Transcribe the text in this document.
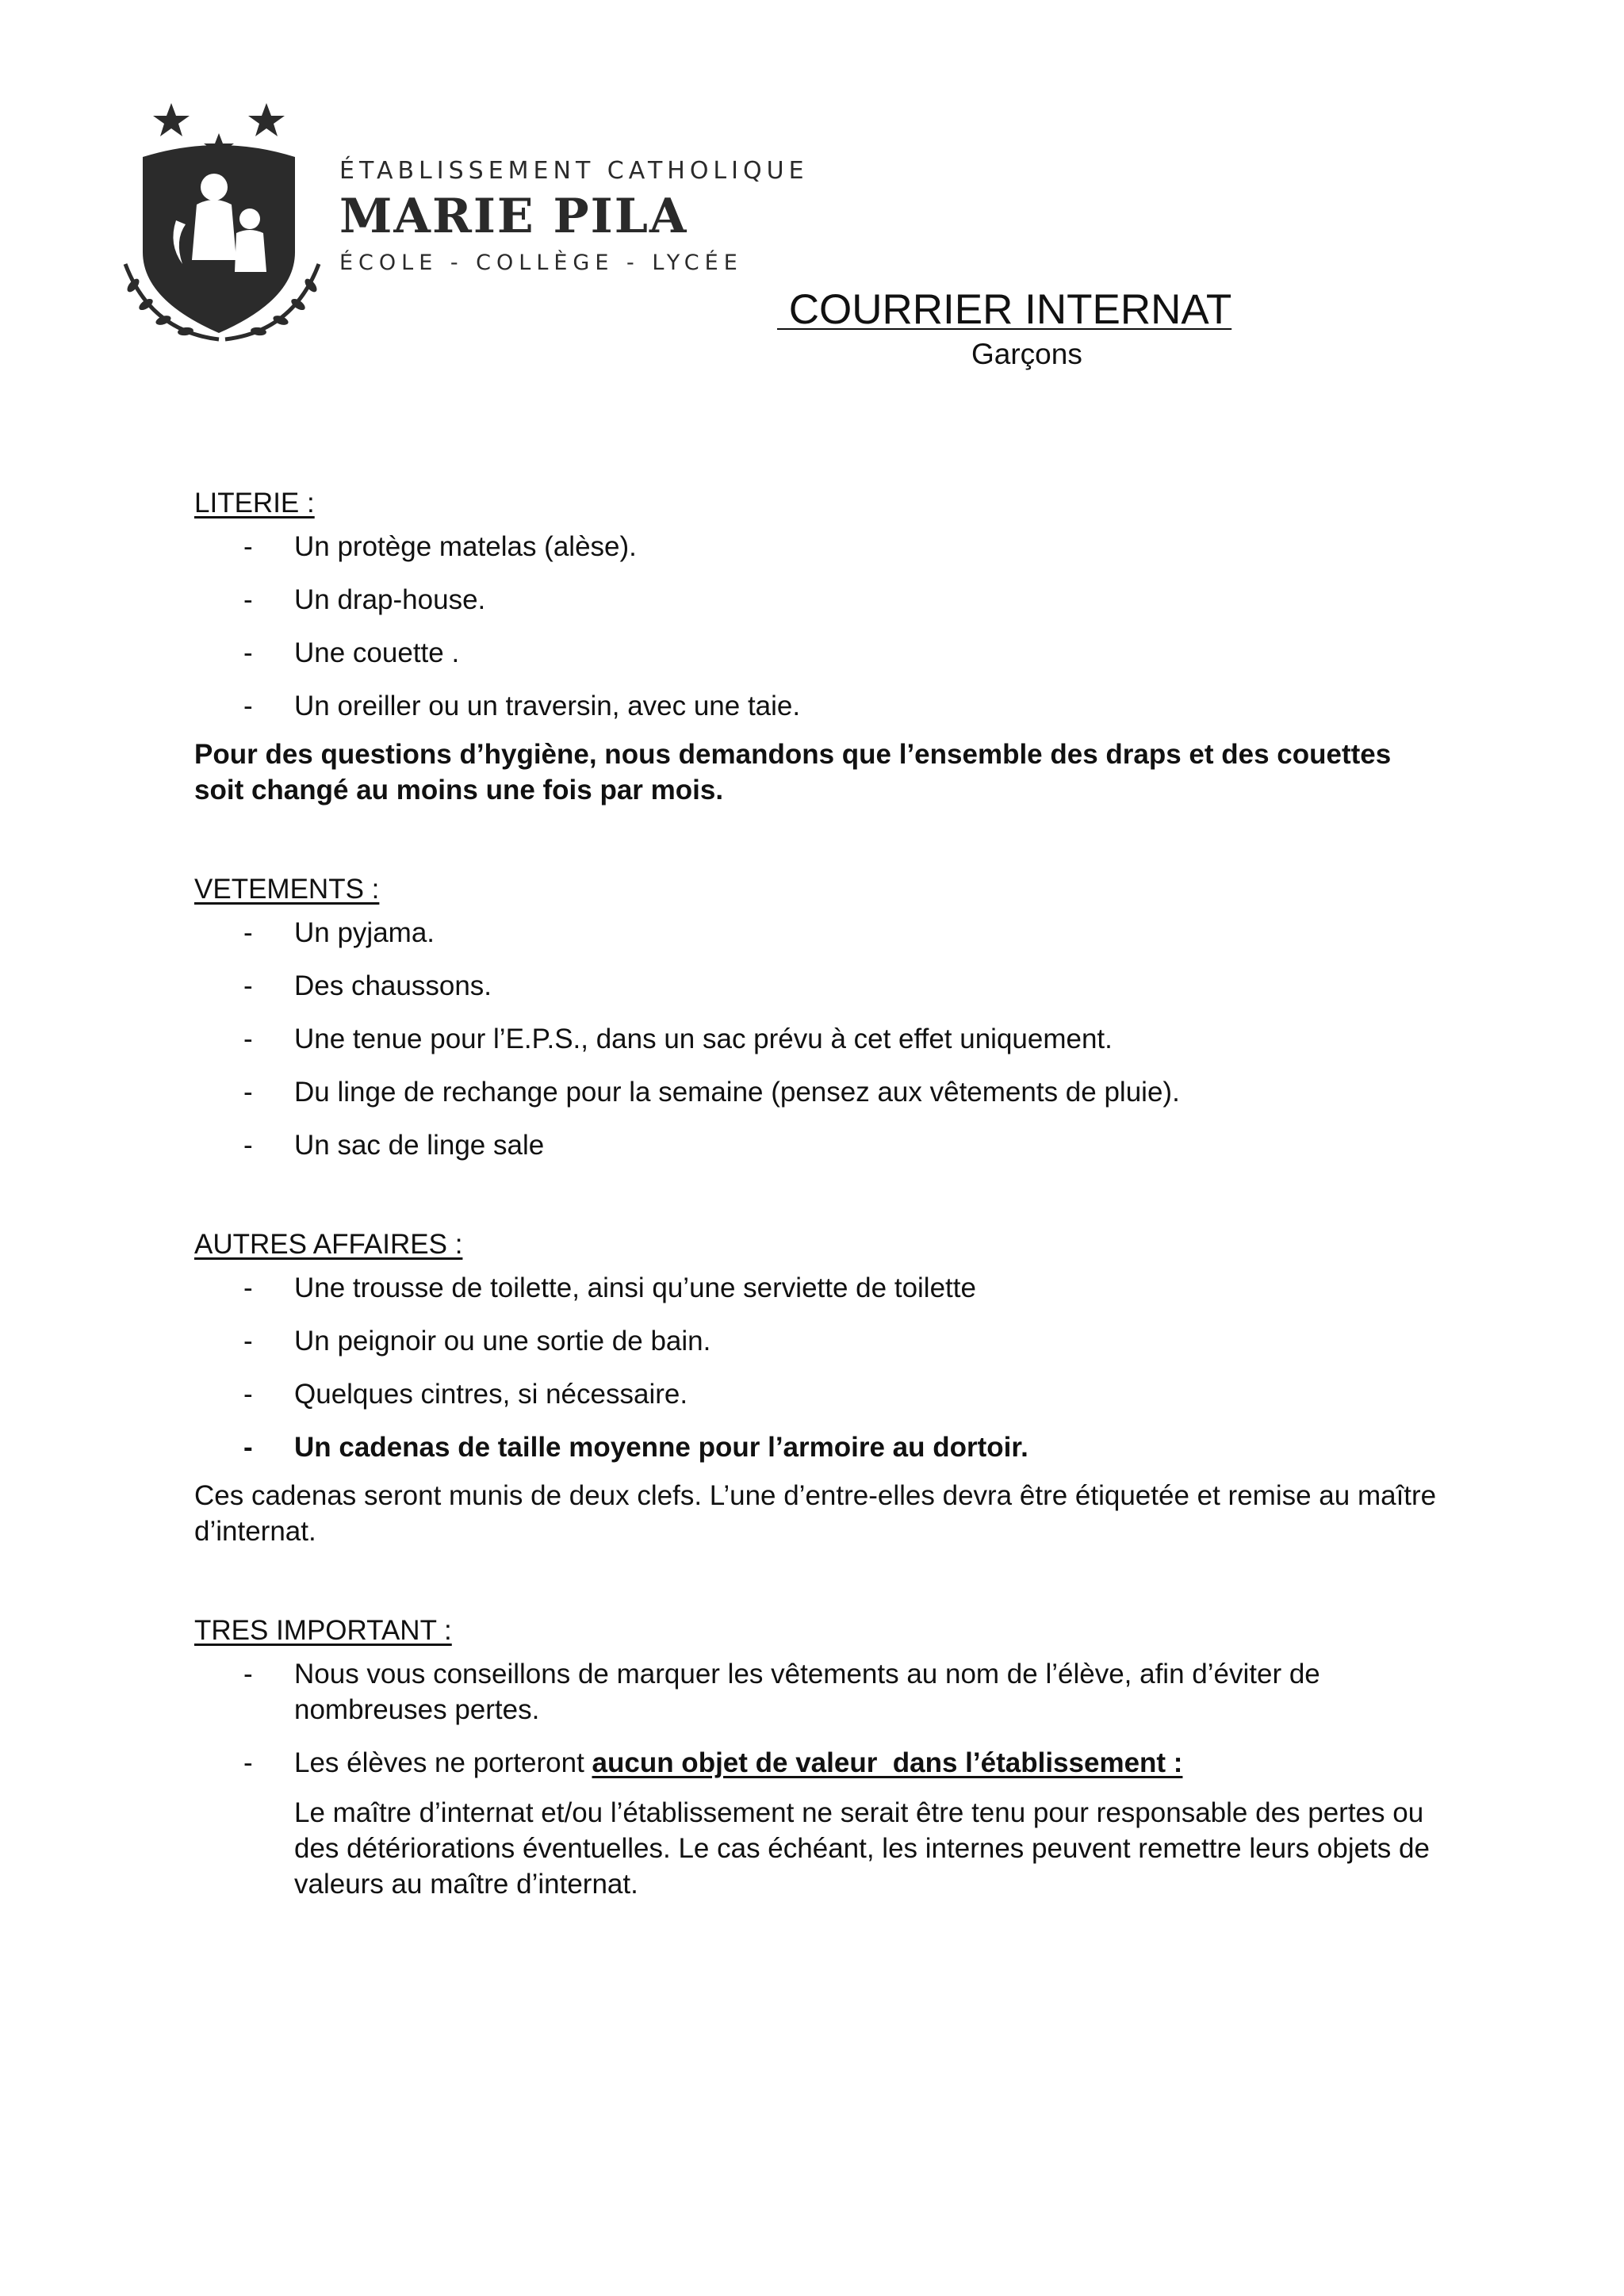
ÉTABLISSEMENT CATHOLIQUE
MARIE PILA
ÉCOLE - COLLÈGE - LYCÉE
COURRIER INTERNAT
Garçons

LITERIE :

- Un protège matelas (alèse).
- Un drap-house.
- Une couette .
- Un oreiller ou un traversin, avec une taie.

Pour des questions d’hygiène, nous demandons que l’ensemble des draps et des couettes soit changé au moins une fois par mois.

VETEMENTS :

- Un pyjama.
- Des chaussons.
- Une tenue pour l’E.P.S., dans un sac prévu à cet effet uniquement.
- Du linge de rechange pour la semaine (pensez aux vêtements de pluie).
- Un sac de linge sale

AUTRES AFFAIRES :

- Une trousse de toilette, ainsi qu’une serviette de toilette
- Un peignoir ou une sortie de bain.
- Quelques cintres, si nécessaire.
- Un cadenas de taille moyenne pour l’armoire au dortoir.

Ces cadenas seront munis de deux clefs. L’une d’entre-elles devra être étiquetée et remise au maître d’internat.

TRES IMPORTANT :

- Nous vous conseillons de marquer les vêtements au nom de l’élève, afin d’éviter de nombreuses pertes.
- Les élèves ne porteront aucun objet de valeur  dans l’établissement :

Le maître d’internat et/ou l’établissement ne serait être tenu pour responsable des pertes ou des détériorations éventuelles. Le cas échéant, les internes peuvent remettre leurs objets de valeurs au maître d’internat.
